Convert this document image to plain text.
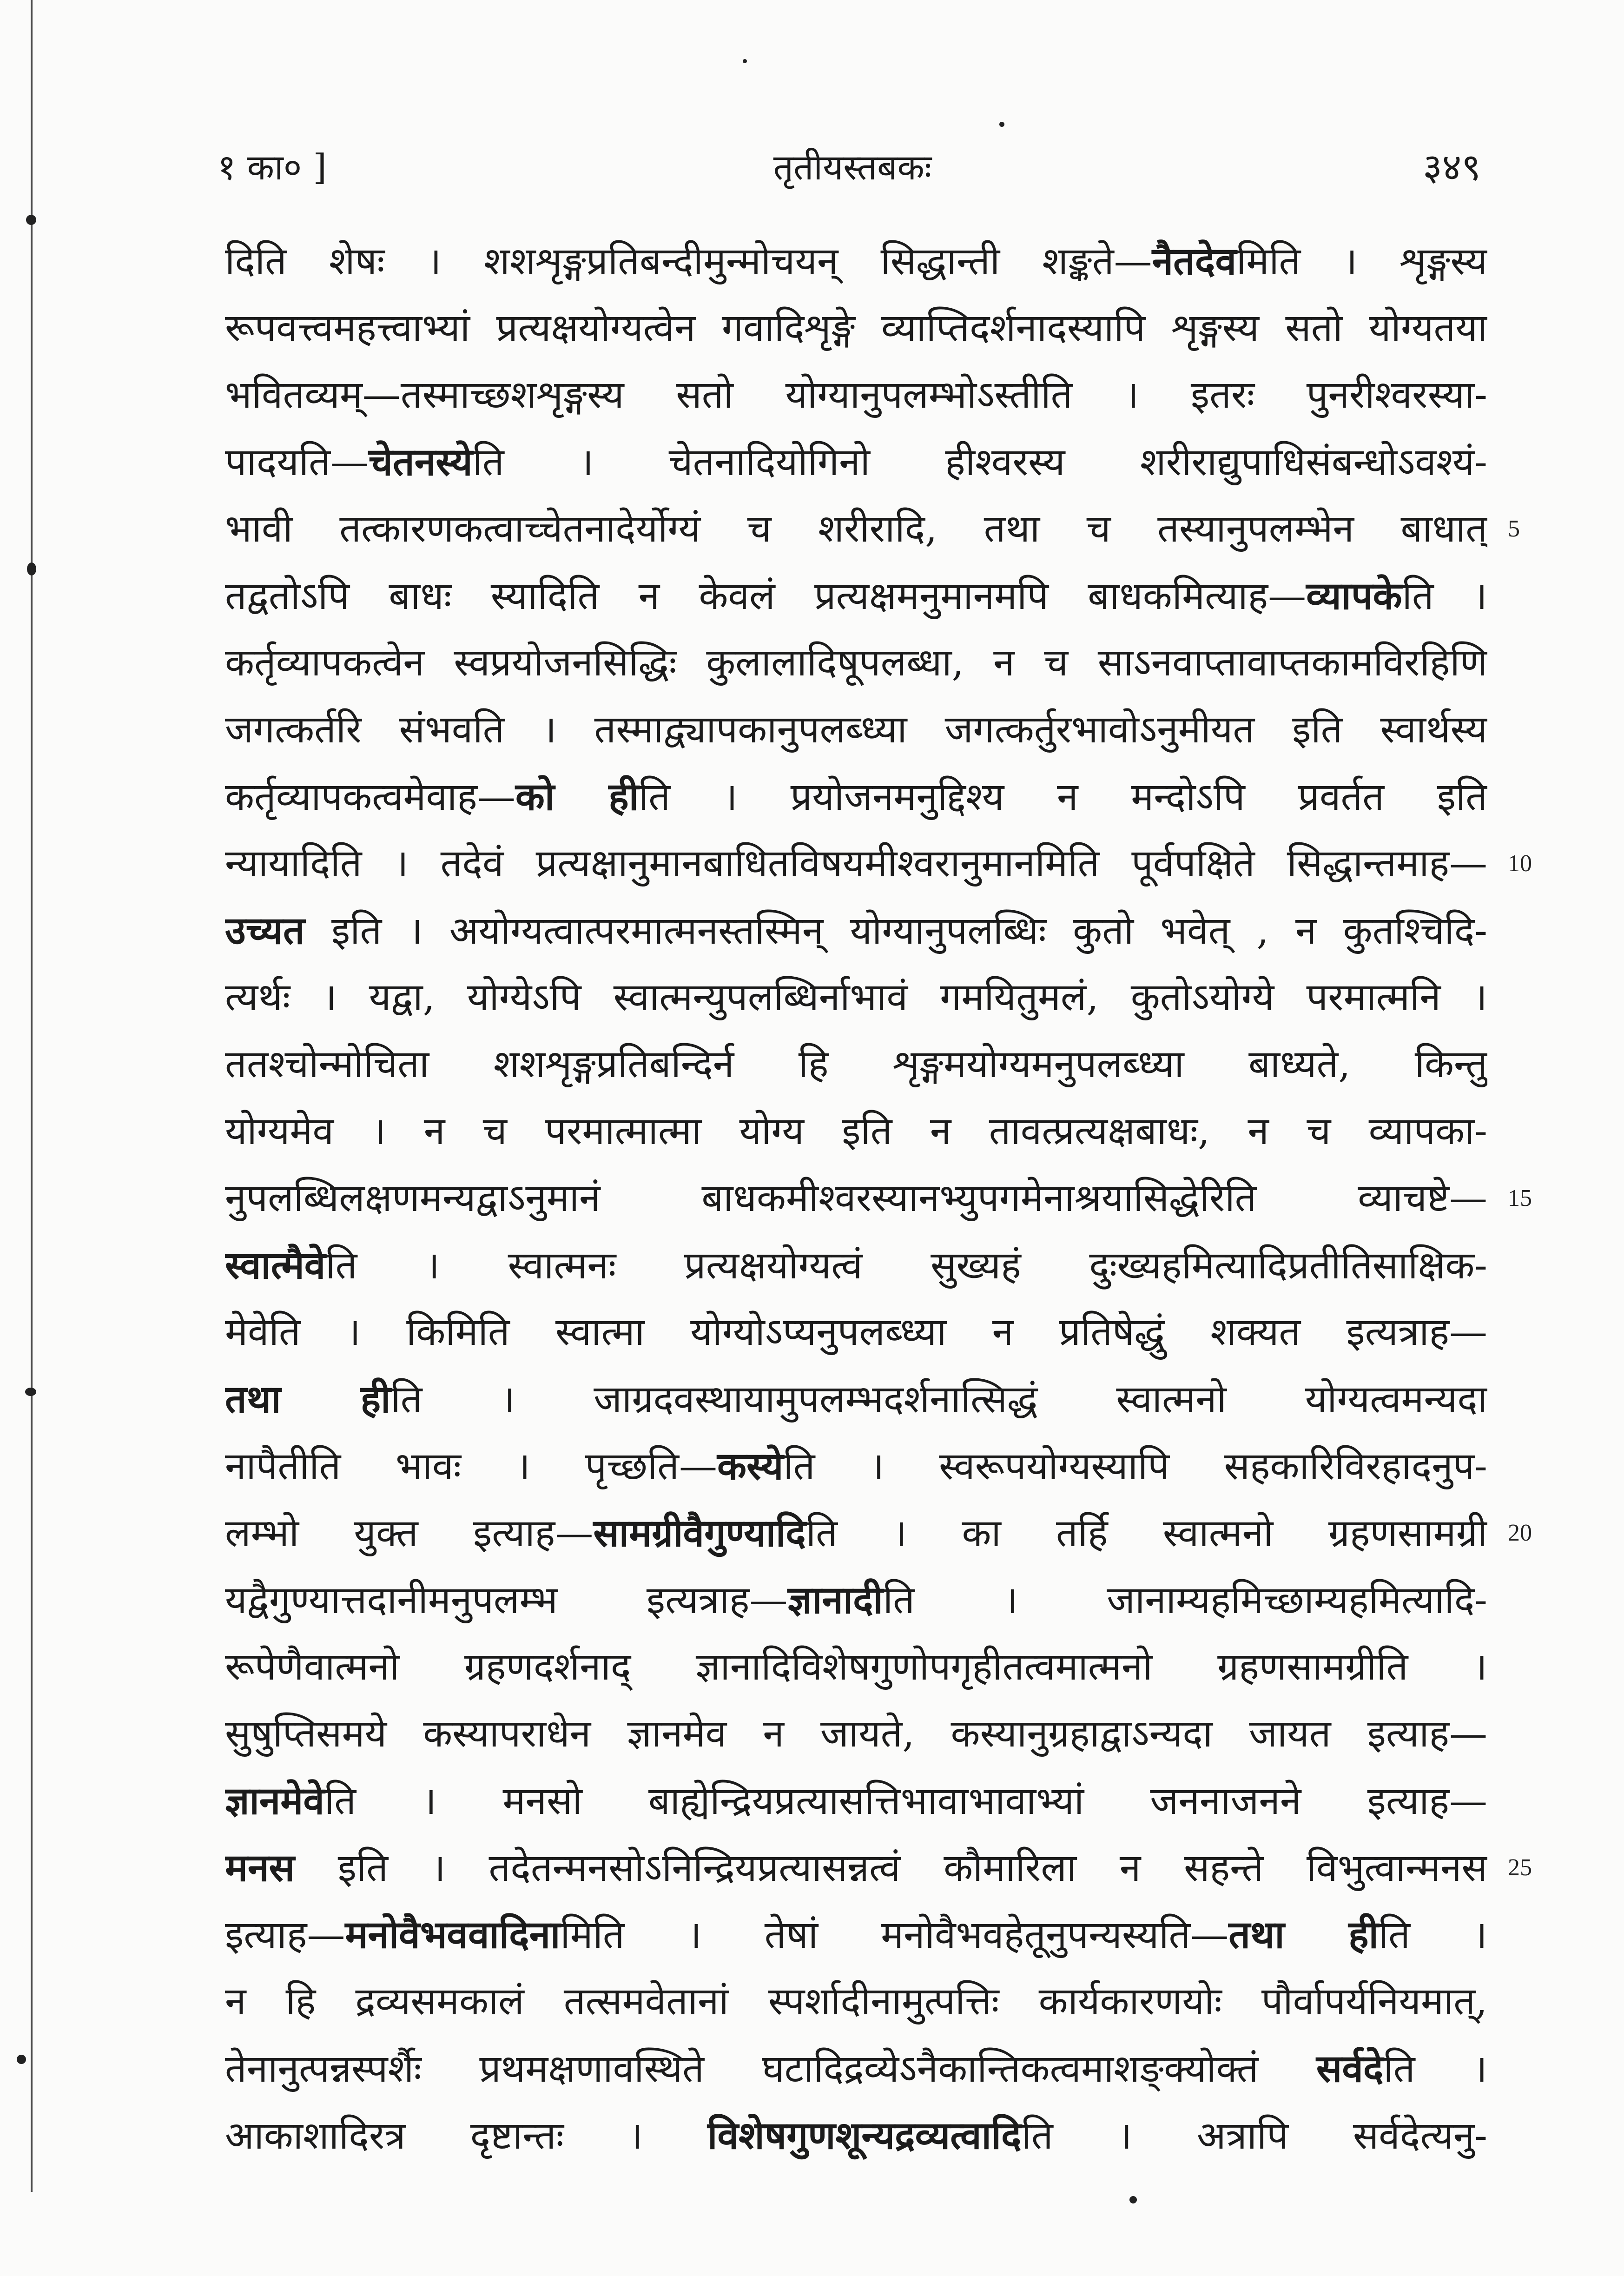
१ का० ]	तृतीयस्तबकः	३४९
दिति शेषः । शशशृङ्गप्रतिबन्दीमुन्मोचयन् सिद्धान्ती शङ्कते—नैतदेवमिति । शृङ्गस्य
रूपवत्त्वमहत्त्वाभ्यां प्रत्यक्षयोग्यत्वेन गवादिशृङ्गे व्याप्तिदर्शनादस्यापि शृङ्गस्य सतो योग्यतया
भवितव्यम्—तस्माच्छशशृङ्गस्य सतो योग्यानुपलम्भोऽस्तीति । इतरः पुनरीश्वरस्या-
पादयति—चेतनस्येति । चेतनादियोगिनो हीश्वरस्य शरीराद्युपाधिसंबन्धोऽवश्यं-
भावी तत्कारणकत्वाच्चेतनादेर्योग्यं च शरीरादि, तथा च तस्यानुपलम्भेन बाधात्
तद्वतोऽपि बाधः स्यादिति न केवलं प्रत्यक्षमनुमानमपि बाधकमित्याह—व्यापकेति ।
कर्तृव्यापकत्वेन स्वप्रयोजनसिद्धिः कुलालादिषूपलब्धा, न च साऽनवाप्तावाप्तकामविरहिणि
जगत्कर्तरि संभवति । तस्माद्व्यापकानुपलब्ध्या जगत्कर्तुरभावोऽनुमीयत इति स्वार्थस्य
कर्तृव्यापकत्वमेवाह—को हीति । प्रयोजनमनुद्दिश्य न मन्दोऽपि प्रवर्तत इति
न्यायादिति । तदेवं प्रत्यक्षानुमानबाधितविषयमीश्वरानुमानमिति पूर्वपक्षिते सिद्धान्तमाह—
उच्यत इति । अयोग्यत्वात्परमात्मनस्तस्मिन् योग्यानुपलब्धिः कुतो भवेत् , न कुतश्चिदि-
त्यर्थः । यद्वा, योग्येऽपि स्वात्मन्युपलब्धिर्नाभावं गमयितुमलं, कुतोऽयोग्ये परमात्मनि ।
ततश्चोन्मोचिता शशशृङ्गप्रतिबन्दिर्न हि शृङ्गमयोग्यमनुपलब्ध्या बाध्यते, किन्तु
योग्यमेव । न च परमात्मात्मा योग्य इति न तावत्प्रत्यक्षबाधः, न च व्यापका-
नुपलब्धिलक्षणमन्यद्वाऽनुमानं बाधकमीश्वरस्यानभ्युपगमेनाश्रयासिद्धेरिति व्याचष्टे—
स्वात्मैवेति । स्वात्मनः प्रत्यक्षयोग्यत्वं सुख्यहं दुःख्यहमित्यादिप्रतीतिसाक्षिक-
मेवेति । किमिति स्वात्मा योग्योऽप्यनुपलब्ध्या न प्रतिषेद्धुं शक्यत इत्यत्राह—
तथा हीति । जाग्रदवस्थायामुपलम्भदर्शनात्सिद्धं स्वात्मनो योग्यत्वमन्यदा
नापैतीति भावः । पृच्छति—कस्येति । स्वरूपयोग्यस्यापि सहकारिविरहादनुप-
लम्भो युक्त इत्याह—सामग्रीवैगुण्यादिति । का तर्हि स्वात्मनो ग्रहणसामग्री
यद्वैगुण्यात्तदानीमनुपलम्भ इत्यत्राह—ज्ञानादीति । जानाम्यहमिच्छाम्यहमित्यादि-
रूपेणैवात्मनो ग्रहणदर्शनाद् ज्ञानादिविशेषगुणोपगृहीतत्वमात्मनो ग्रहणसामग्रीति ।
सुषुप्तिसमये कस्यापराधेन ज्ञानमेव न जायते, कस्यानुग्रहाद्वाऽन्यदा जायत इत्याह—
ज्ञानमेवेति । मनसो बाह्येन्द्रियप्रत्यासत्तिभावाभावाभ्यां जननाजनने इत्याह—
मनस इति । तदेतन्मनसोऽनिन्द्रियप्रत्यासन्नत्वं कौमारिला न सहन्ते विभुत्वान्मनस
इत्याह—मनोवैभववादिनामिति । तेषां मनोवैभवहेतूनुपन्यस्यति—तथा हीति ।
न हि द्रव्यसमकालं तत्समवेतानां स्पर्शादीनामुत्पत्तिः कार्यकारणयोः पौर्वापर्यनियमात्,
तेनानुत्पन्नस्पर्शैः प्रथमक्षणावस्थिते घटादिद्रव्येऽनैकान्तिकत्वमाशङ्क्योक्तं सर्वदेति ।
आकाशादिरत्र दृष्टान्तः । विशेषगुणशून्यद्रव्यत्वादिति । अत्रापि सर्वदेत्यनु-
5
10
15
20
25
